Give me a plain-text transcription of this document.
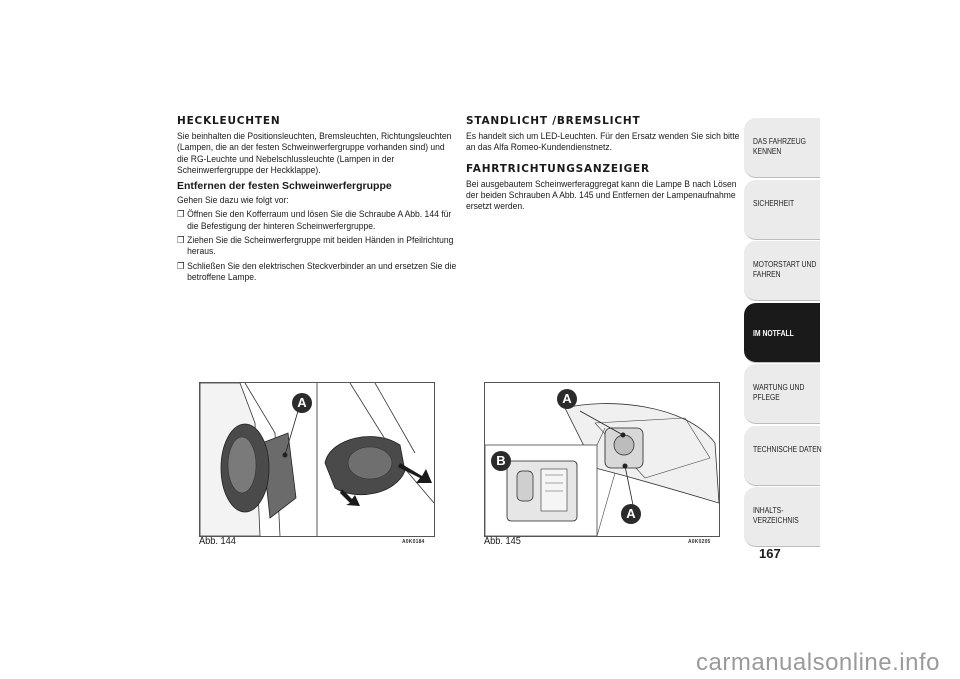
HECKLEUCHTEN
Sie beinhalten die Positionsleuchten, Bremsleuchten, Richtungsleuchten (Lampen, die an der festen Schweinwerfergruppe vorhanden sind) und die RG-Leuchte und Nebelschlussleuchte (Lampen in der Scheinwerfergruppe der Heckklappe).
Entfernen der festen Schweinwerfergruppe
Gehen Sie dazu wie folgt vor:
❒ Öffnen Sie den Kofferraum und lösen Sie die Schraube A Abb. 144 für die Befestigung der hinteren Scheinwerfergruppe.
❒ Ziehen Sie die Scheinwerfergruppe mit beiden Händen in Pfeilrichtung heraus.
❒ Schließen Sie den elektrischen Steckverbinder an und ersetzen Sie die betroffene Lampe.
STANDLICHT /BREMSLICHT
Es handelt sich um LED-Leuchten. Für den Ersatz wenden Sie sich bitte an das Alfa Romeo-Kundendienstnetz.
FAHRTRICHTUNGSANZEIGER
Bei ausgebautem Scheinwerferaggregat kann die Lampe B nach Lösen der beiden Schrauben A Abb. 145 und Entfernen der Lampenaufnahme ersetzt werden.
A
Abb. 144	A0K0184
A
B
A
Abb. 145	A0K0205
DAS FAHRZEUG KENNEN
SICHERHEIT
MOTORSTART UND FAHREN
IM NOTFALL
WARTUNG UND PFLEGE
TECHNISCHE DATEN
INHALTS- VERZEICHNIS
167
carmanualsonline.info
